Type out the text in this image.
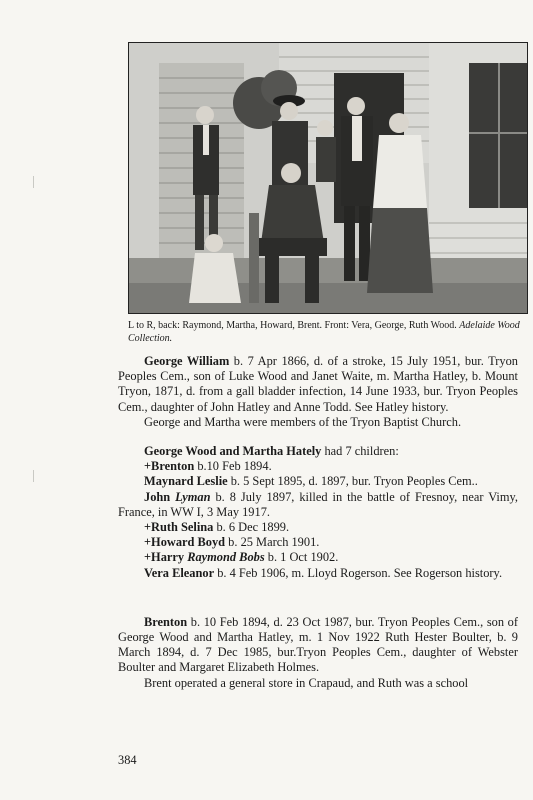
L to R, back: Raymond, Martha, Howard, Brent. Front: Vera, George, Ruth Wood. Adelaide Wood Collection.

George William b. 7 Apr 1866, d. of a stroke, 15 July 1951, bur. Tryon Peoples Cem., son of Luke Wood and Janet Waite, m. Martha Hatley, b. Mount Tryon, 1871, d. from a gall bladder infection, 14 June 1933, bur. Tryon Peoples Cem., daughter of John Hatley and Anne Todd. See Hatley history.

George and Martha were members of the Tryon Baptist Church.

George Wood and Martha Hately had 7 children:

+Brenton b.10 Feb 1894.

Maynard Leslie b. 5 Sept 1895, d. 1897, bur. Tryon Peoples Cem..

John Lyman b. 8 July 1897, killed in the battle of Fresnoy, near Vimy, France, in WW I, 3 May 1917.

+Ruth Selina b. 6 Dec 1899.

+Howard Boyd b. 25 March 1901.

+Harry Raymond Bobs b. 1 Oct 1902.

Vera Eleanor b. 4 Feb 1906, m. Lloyd Rogerson. See Rogerson history.

Brenton b. 10 Feb 1894, d. 23 Oct 1987, bur. Tryon Peoples Cem., son of George Wood and Martha Hatley, m. 1 Nov 1922 Ruth Hester Boulter, b. 9 March 1894, d. 7 Dec 1985, bur.Tryon Peoples Cem., daughter of Webster Boulter and Margaret Elizabeth Holmes.

Brent operated a general store in Crapaud, and Ruth was a school

384
